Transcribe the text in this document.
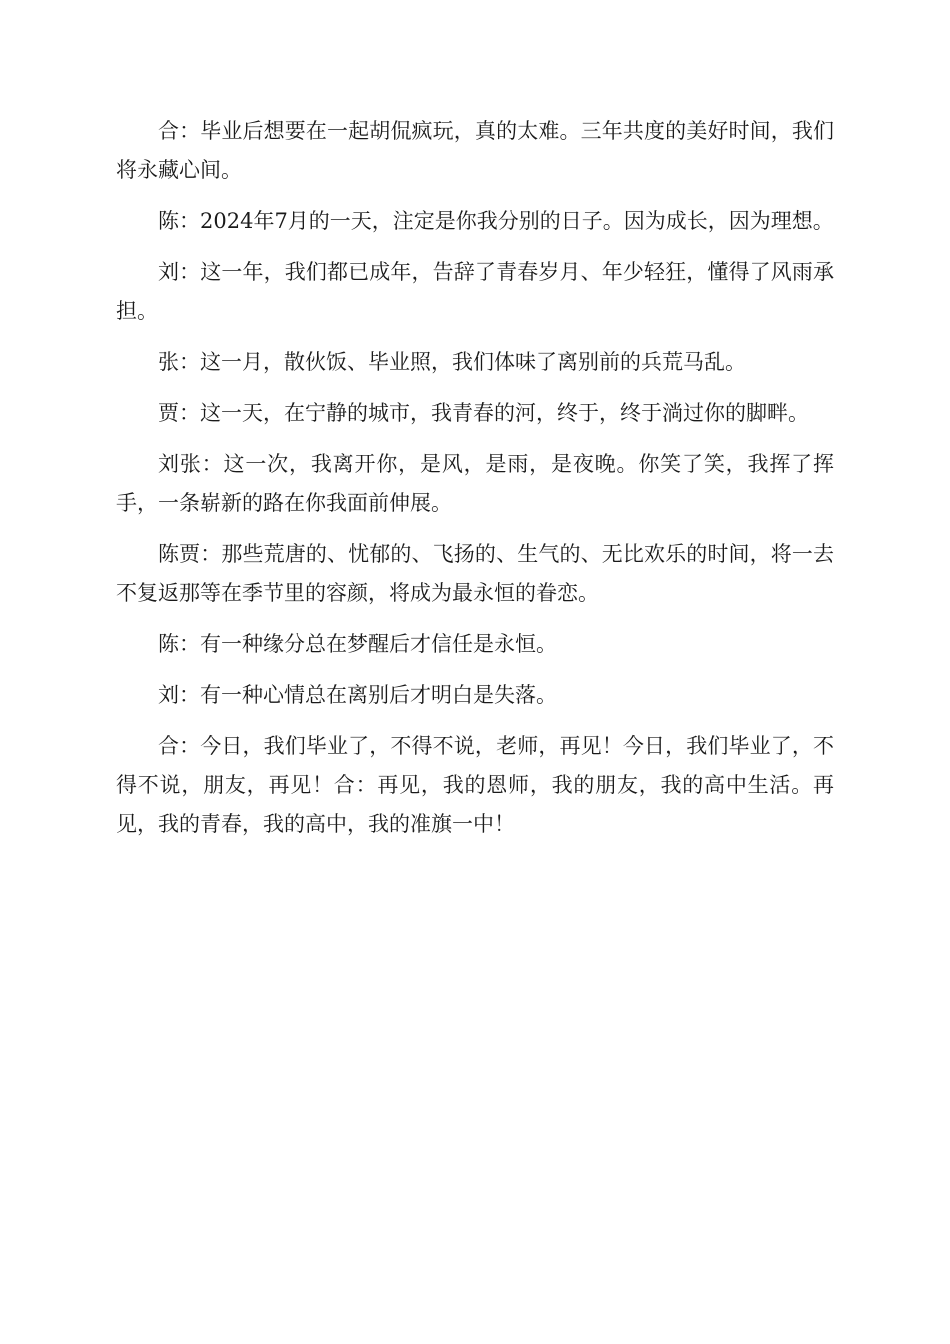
合：毕业后想要在一起胡侃疯玩，真的太难。三年共度的美好时间，我们将永藏心间。

陈：2024年7月的一天，注定是你我分别的日子。因为成长，因为理想。

刘：这一年，我们都已成年，告辞了青春岁月、年少轻狂，懂得了风雨承担。

张：这一月，散伙饭、毕业照，我们体味了离别前的兵荒马乱。

贾：这一天，在宁静的城市，我青春的河，终于，终于淌过你的脚畔。

刘张：这一次，我离开你，是风，是雨，是夜晚。你笑了笑，我挥了挥手，一条崭新的路在你我面前伸展。

陈贾：那些荒唐的、忧郁的、飞扬的、生气的、无比欢乐的时间，将一去不复返那等在季节里的容颜，将成为最永恒的眷恋。

陈：有一种缘分总在梦醒后才信任是永恒。

刘：有一种心情总在离别后才明白是失落。

合：今日，我们毕业了，不得不说，老师，再见！今日，我们毕业了，不得不说，朋友，再见！合：再见，我的恩师，我的朋友，我的高中生活。再见，我的青春，我的高中，我的准旗一中！
